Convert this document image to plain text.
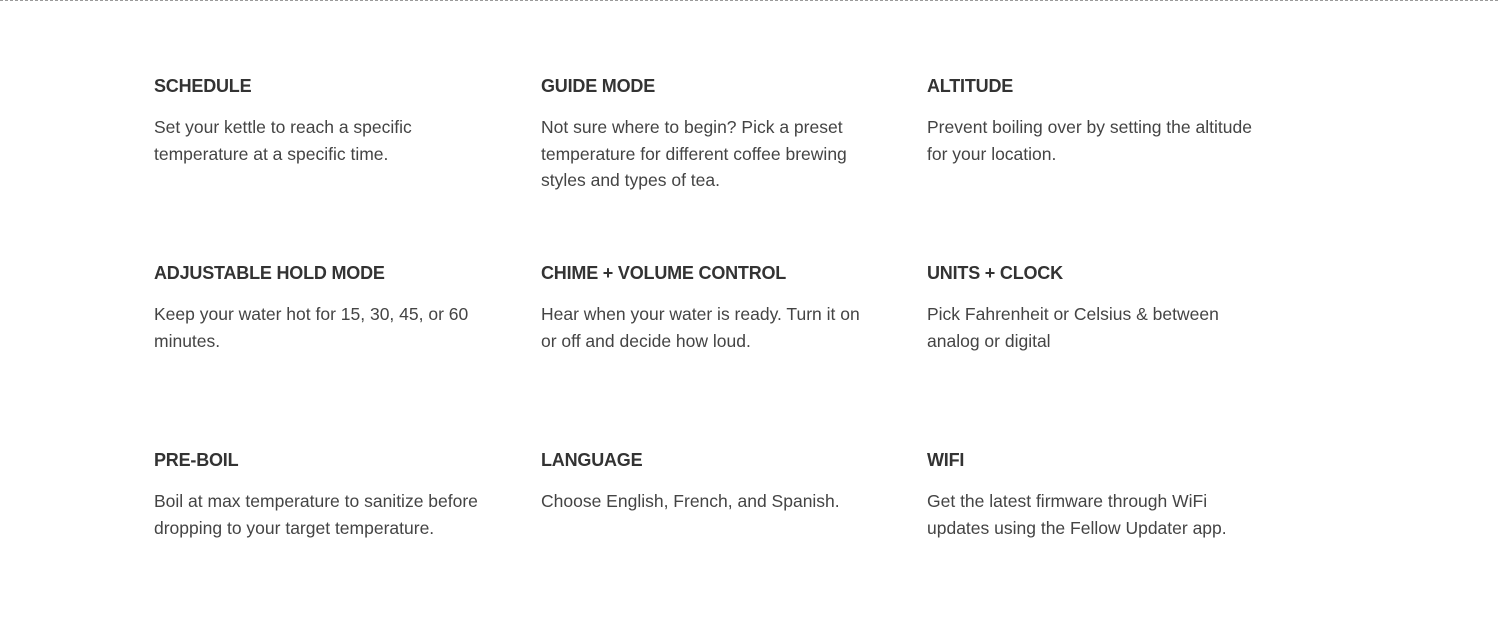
SCHEDULE

Set your kettle to reach a specific temperature at a specific time.

GUIDE MODE

Not sure where to begin? Pick a preset temperature for different coffee brewing styles and types of tea.

ALTITUDE

Prevent boiling over by setting the altitude for your location.

ADJUSTABLE HOLD MODE

Keep your water hot for 15, 30, 45, or 60 minutes.

CHIME + VOLUME CONTROL

Hear when your water is ready. Turn it on or off and decide how loud.

UNITS + CLOCK

Pick Fahrenheit or Celsius & between analog or digital

PRE-BOIL

Boil at max temperature to sanitize before dropping to your target temperature.

LANGUAGE

Choose English, French, and Spanish.

WIFI

Get the latest firmware through WiFi updates using the Fellow Updater app.
